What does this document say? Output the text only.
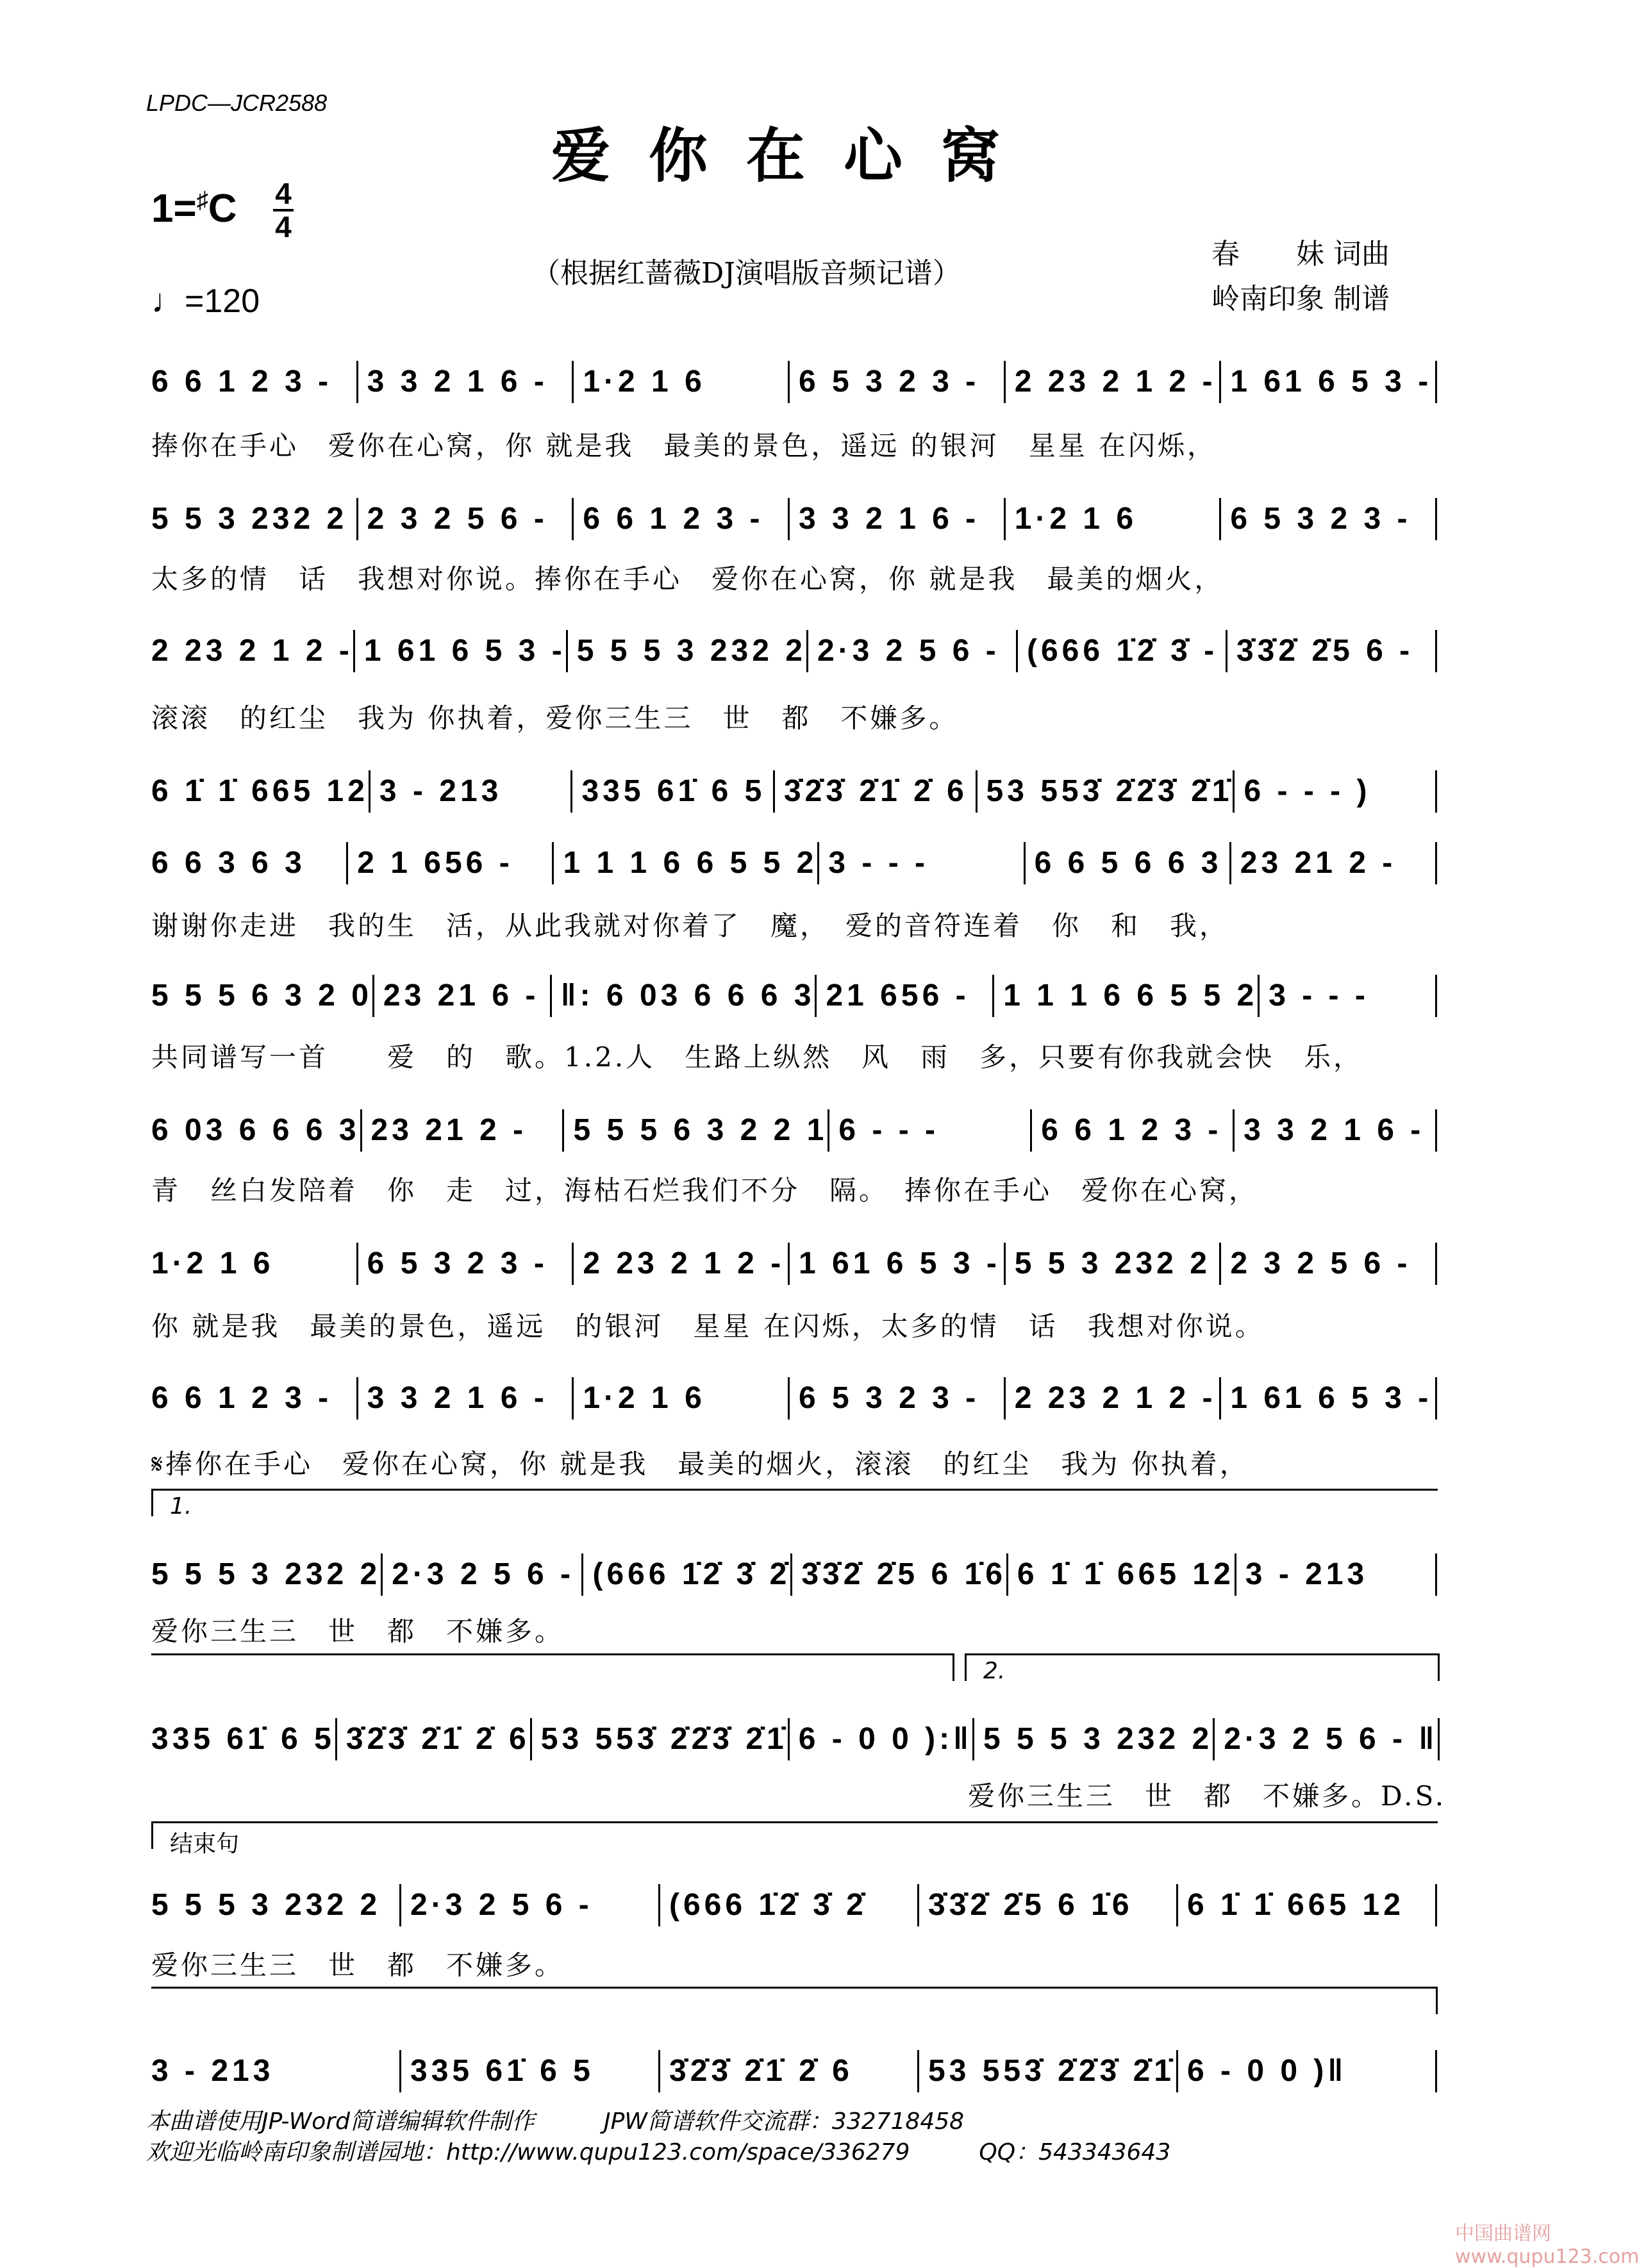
LPDC—JCR2588
爱你在心窝
1=♯C 4
4
♩=120
（根据红蔷薇DJ演唱版音频记谱）
春　　妹 词曲
岭南印象 制谱
6 6 1 2 3 -	3 3 2 1 6 -	1·2 1 6	6 5 3 2 3 -	2 23 2 1 2 - 1 61 6 5 3 -
捧你在手心　爱你在心窝，你 就是我　最美的景色，遥远 的银河　星星 在闪烁，
5 5 3 232 2 2 3 2 5 6 -	6 6 1 2 3 -	3 3 2 1 6 -	1·2 1 6	6 5 3 2 3 -
太多的情　话　我想对你说。捧你在手心　爱你在心窝，你 就是我　最美的烟火，
2 23 2 1 2 - 1 61 6 5 3 - 5 5 5 3 232 2 2·3 2 5 6 - (666 1̇2̇ 3̇ - 3̇3̇2̇ 2̇5 6 -
滚滚　的红尘　我为 你执着，爱你三生三　世　都　不嫌多。
6 1̇ 1̇ 665 12 3 - 213	335 61̇ 6 5 3̇2̇3̇ 2̇1̇ 2̇ 6 53 553̇ 2̇2̇3̇ 2̇1̇ 6 - - - )
6 6 3 6 3	2 1 656 -	1 1 1 6 6 5 5 2 3 - - -	6 6 5 6 6 3 23 21 2 -
谢谢你走进　我的生　活，从此我就对你着了　魔，　爱的音符连着　你　和　我，
5 5 5 6 3 2 0 23 21 6 - ‖: 6 03 6 6 6 3 21 656 -	1 1 1 6 6 5 5 2 3 - - -
共同谱写一首　　爱　的　歌。1.2.人　生路上纵然　风　雨　多，只要有你我就会快　乐，
6 03 6 6 6 3 23 21 2 -	5 5 5 6 3 2 2 1 6 - - -	6 6 1 2 3 - 3 3 2 1 6 -
青　丝白发陪着　你　走　过，海枯石烂我们不分　隔。　捧你在手心　爱你在心窝，
1·2 1 6	6 5 3 2 3 -	2 23 2 1 2 - 1 61 6 5 3 - 5 5 3 232 2 2 3 2 5 6 -
你 就是我　最美的景色，遥远　的银河　星星 在闪烁，太多的情　话　我想对你说。
6 6 1 2 3 -	3 3 2 1 6 -	1·2 1 6	6 5 3 2 3 -	2 23 2 1 2 - 1 61 6 5 3 -
𝄋捧你在手心　爱你在心窝，你 就是我　最美的烟火，滚滚　的红尘　我为 你执着，
5 5 5 3 232 2 2·3 2 5 6 - (666 1̇2̇ 3̇ 2̇ 3̇3̇2̇ 2̇5 6 1̇6 6 1̇ 1̇ 665 12 3 - 213
爱你三生三　世　都　不嫌多。
335 61̇ 6 5 3̇2̇3̇ 2̇1̇ 2̇ 6 53 553̇ 2̇2̇3̇ 2̇1̇ 6 - 0 0 ):‖ 5 5 5 3 232 2 2·3 2 5 6 - ‖
爱你三生三　世　都　不嫌多。D.S.
5 5 5 3 232 2 2·3 2 5 6 -	(666 1̇2̇ 3̇ 2̇	3̇3̇2̇ 2̇5 6 1̇6	6 1̇ 1̇ 665 12
爱你三生三　世　都　不嫌多。
3 - 213	335 61̇ 6 5	3̇2̇3̇ 2̇1̇ 2̇ 6	53 553̇ 2̇2̇3̇ 2̇1̇ 6 - 0 0 )‖
1.
2.
结束句
本曲谱使用JP-Word简谱编辑软件制作　　　JPW简谱软件交流群：332718458
欢迎光临岭南印象制谱园地：http://www.qupu123.com/space/336279　　　QQ：543343643
中国曲谱网 www.qupu123.com
